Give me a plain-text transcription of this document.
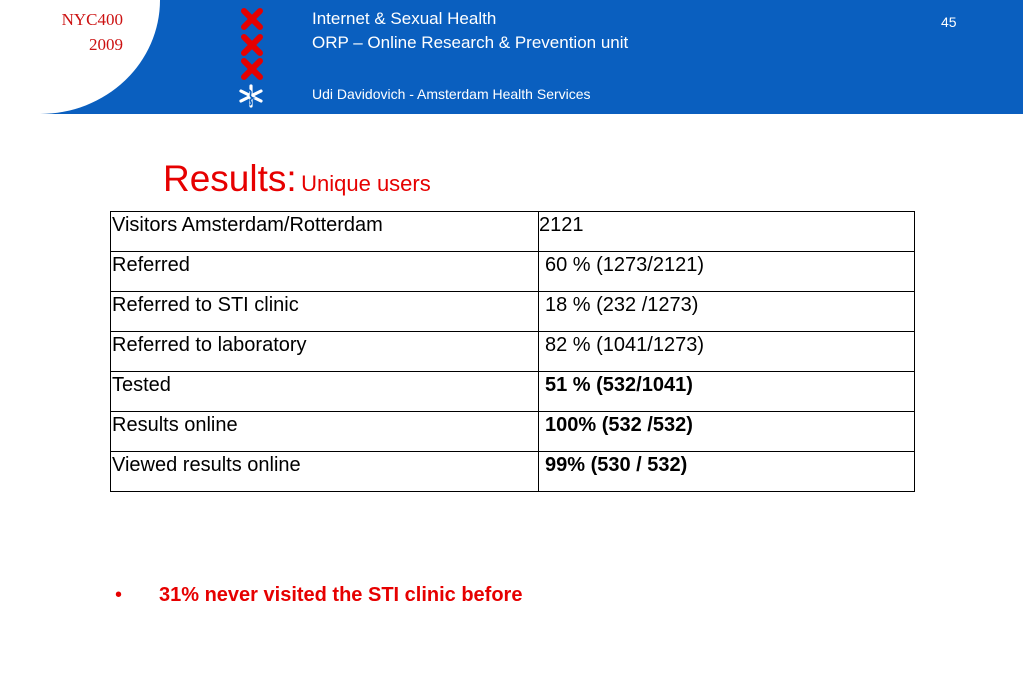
NYC400
2009
Internet & Sexual Health
ORP – Online Research & Prevention unit
Udi Davidovich - Amsterdam Health Services
45
Results: Unique users
Visitors Amsterdam/Rotterdam	2121
Referred	60 % (1273/2121)
Referred to STI clinic	18 % (232 /1273)
Referred to laboratory	82 % (1041/1273)
Tested	51 % (532/1041)
Results online	100% (532 /532)
Viewed results online	99% (530 / 532)
• 31% never visited the STI clinic before
